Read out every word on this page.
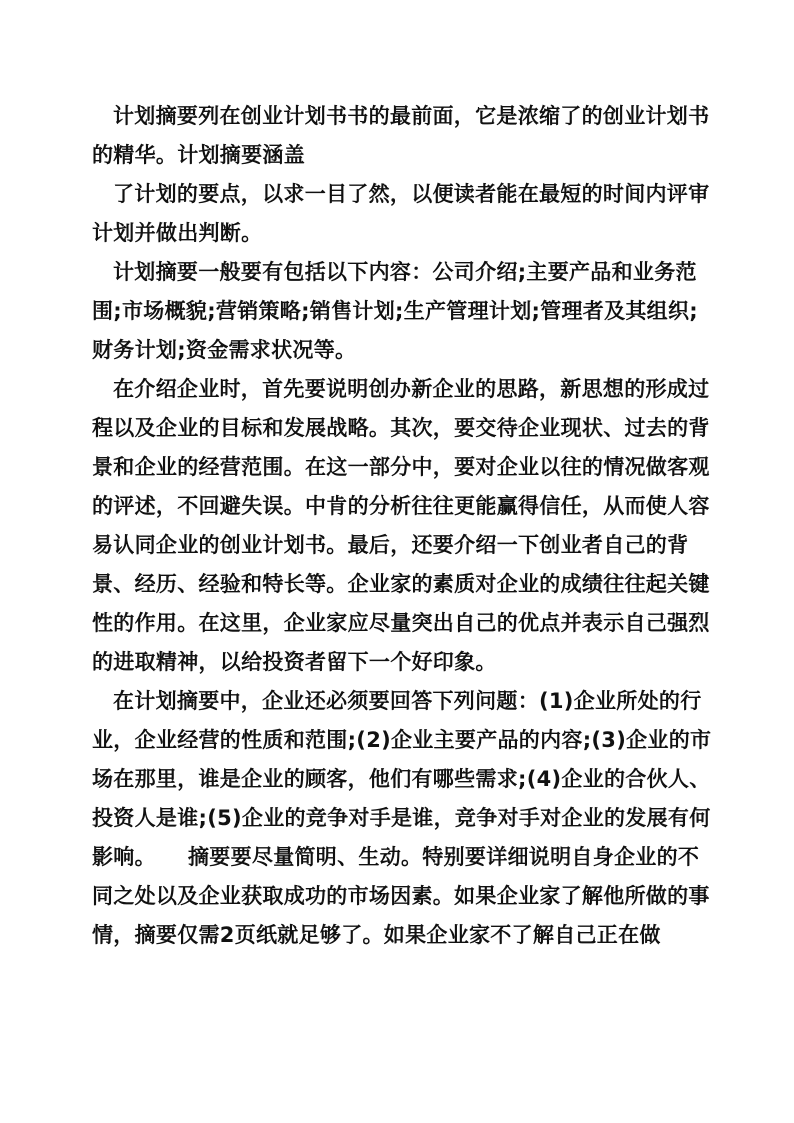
计划摘要列在创业计划书书的最前面，它是浓缩了的创业计划书的精华。计划摘要涵盖

了计划的要点，以求一目了然，以便读者能在最短的时间内评审计划并做出判断。

计划摘要一般要有包括以下内容：公司介绍;主要产品和业务范围;市场概貌;营销策略;销售计划;生产管理计划;管理者及其组织;财务计划;资金需求状况等。

在介绍企业时，首先要说明创办新企业的思路，新思想的形成过程以及企业的目标和发展战略。其次，要交待企业现状、过去的背景和企业的经营范围。在这一部分中，要对企业以往的情况做客观的评述，不回避失误。中肯的分析往往更能赢得信任，从而使人容易认同企业的创业计划书。最后，还要介绍一下创业者自己的背景、经历、经验和特长等。企业家的素质对企业的成绩往往起关键性的作用。在这里，企业家应尽量突出自己的优点并表示自己强烈的进取精神，以给投资者留下一个好印象。

在计划摘要中，企业还必须要回答下列问题：(1)企业所处的行业，企业经营的性质和范围;(2)企业主要产品的内容;(3)企业的市场在那里，谁是企业的顾客，他们有哪些需求;(4)企业的合伙人、投资人是谁;(5)企业的竞争对手是谁，竞争对手对企业的发展有何影响。　　摘要要尽量简明、生动。特别要详细说明自身企业的不同之处以及企业获取成功的市场因素。如果企业家了解他所做的事情，摘要仅需2页纸就足够了。如果企业家不了解自己正在做
